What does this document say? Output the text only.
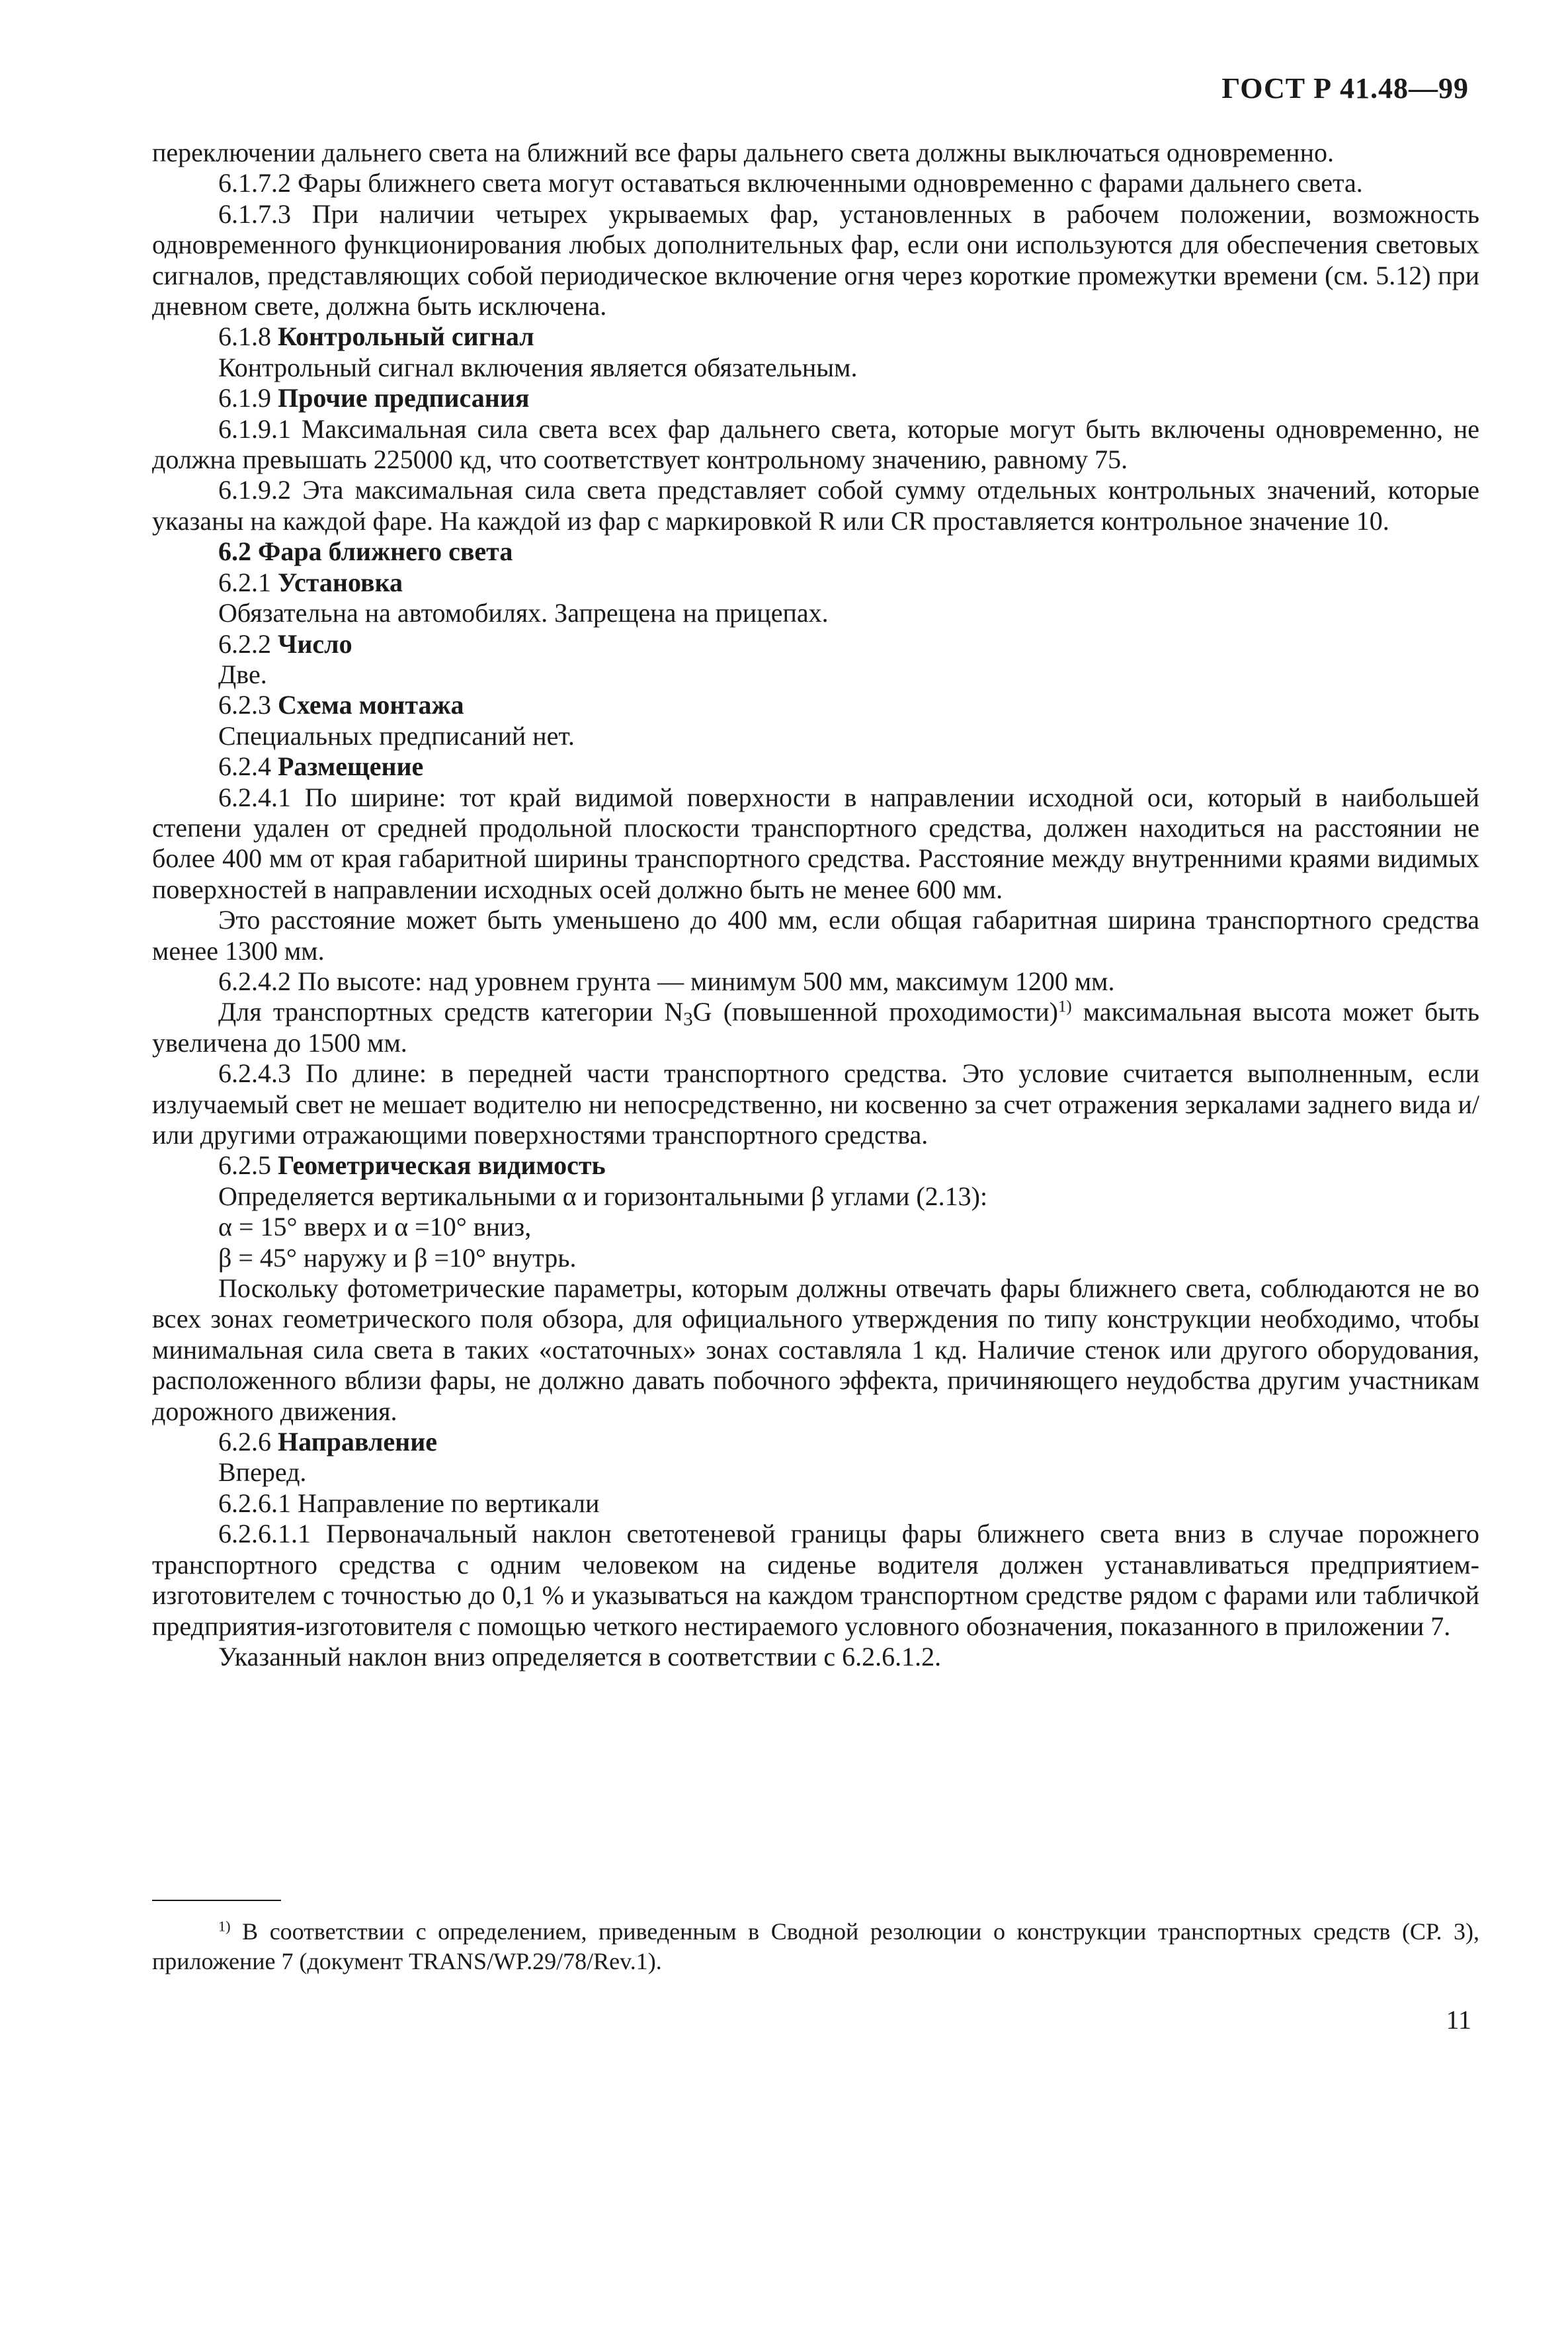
ГОСТ Р 41.48—99

переключении дальнего света на ближний все фары дальнего света должны выключаться одновременно.

6.1.7.2 Фары ближнего света могут оставаться включенными одновременно с фарами дальнего света.

6.1.7.3 При наличии четырех укрываемых фар, установленных в рабочем положении, возможность одновременного функционирования любых дополнительных фар, если они используются для обеспечения световых сигналов, представляющих собой периодическое включение огня через короткие промежутки времени (см. 5.12) при дневном свете, должна быть исключена.

6.1.8 Контрольный сигнал

Контрольный сигнал включения является обязательным.

6.1.9 Прочие предписания

6.1.9.1 Максимальная сила света всех фар дальнего света, которые могут быть включены одновременно, не должна превышать 225000 кд, что соответствует контрольному значению, равному 75.

6.1.9.2 Эта максимальная сила света представляет собой сумму отдельных контрольных значений, которые указаны на каждой фаре. На каждой из фар с маркировкой R или CR проставляется контрольное значение 10.

6.2 Фара ближнего света

6.2.1 Установка

Обязательна на автомобилях. Запрещена на прицепах.

6.2.2 Число

Две.

6.2.3 Схема монтажа

Специальных предписаний нет.

6.2.4 Размещение

6.2.4.1 По ширине: тот край видимой поверхности в направлении исходной оси, который в наибольшей степени удален от средней продольной плоскости транспортного средства, должен находиться на расстоянии не более 400 мм от края габаритной ширины транспортного средства. Расстояние между внутренними краями видимых поверхностей в направлении исходных осей должно быть не менее 600 мм.

Это расстояние может быть уменьшено до 400 мм, если общая габаритная ширина транспортного средства менее 1300 мм.

6.2.4.2 По высоте: над уровнем грунта — минимум 500 мм, максимум 1200 мм.

Для транспортных средств категории $N_3G$ (повышенной проходимости)$^{1)}$ максимальная высота может быть увеличена до 1500 мм.

6.2.4.3 По длине: в передней части транспортного средства. Это условие считается выполненным, если излучаемый свет не мешает водителю ни непосредственно, ни косвенно за счет отражения зеркалами заднего вида и/или другими отражающими поверхностями транспортного средства.

6.2.5 Геометрическая видимость

Определяется вертикальными α и горизонтальными β углами (2.13):

α = 15° вверх и α =10° вниз,

β = 45° наружу и β =10° внутрь.

Поскольку фотометрические параметры, которым должны отвечать фары ближнего света, соблюдаются не во всех зонах геометрического поля обзора, для официального утверждения по типу конструкции необходимо, чтобы минимальная сила света в таких «остаточных» зонах составляла 1 кд. Наличие стенок или другого оборудования, расположенного вблизи фары, не должно давать побочного эффекта, причиняющего неудобства другим участникам дорожного движения.

6.2.6 Направление

Вперед.

6.2.6.1 Направление по вертикали

6.2.6.1.1 Первоначальный наклон светотеневой границы фары ближнего света вниз в случае порожнего транспортного средства с одним человеком на сиденье водителя должен устанавливаться предприятием-изготовителем с точностью до 0,1 % и указываться на каждом транспортном средстве рядом с фарами или табличкой предприятия-изготовителя с помощью четкого нестираемого условного обозначения, показанного в приложении 7.

Указанный наклон вниз определяется в соответствии с 6.2.6.1.2.

$^{1)}$ В соответствии с определением, приведенным в Сводной резолюции о конструкции транспортных средств (СР. 3), приложение 7 (документ TRANS/WP.29/78/Rev.1).

11
